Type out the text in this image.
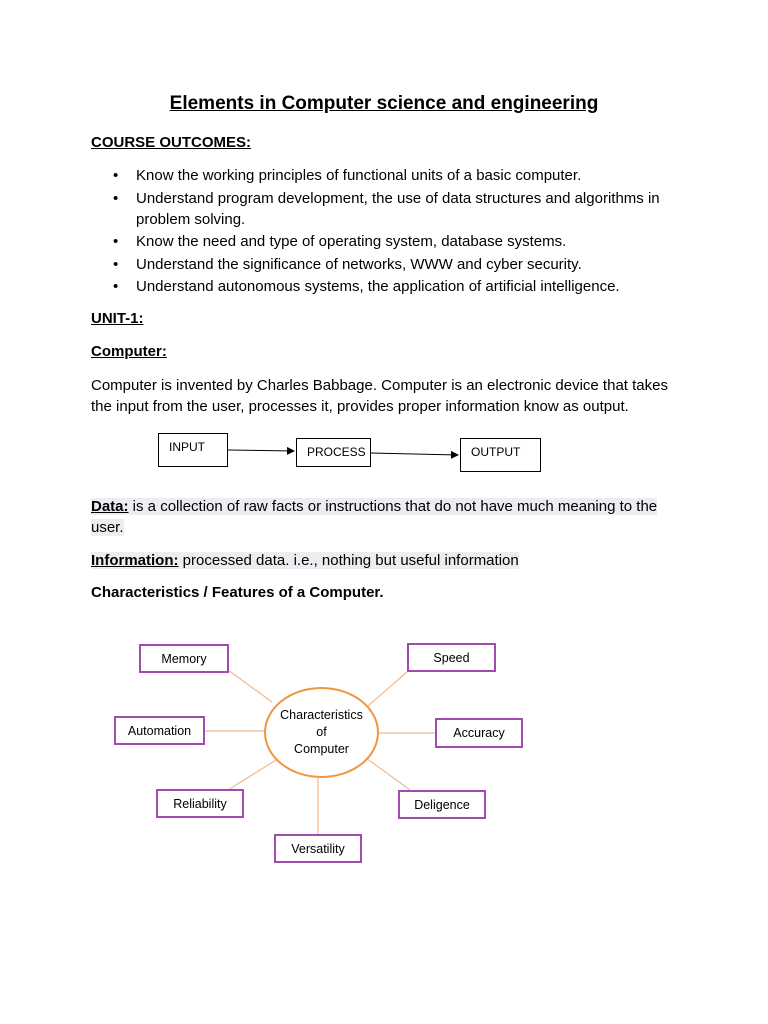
Elements in Computer science and engineering
COURSE OUTCOMES:
• Know the working principles of functional units of a basic computer.
• Understand program development, the use of data structures and algorithms in problem solving.
• Know the need and type of operating system, database systems.
• Understand the significance of networks, WWW and cyber security.
• Understand autonomous systems, the application of artificial intelligence.
UNIT-1:
Computer:
Computer is invented by Charles Babbage. Computer is an electronic device that takes the input from the user, processes it, provides proper information know as output.
INPUT	PROCESS	OUTPUT
Data: is a collection of raw facts or instructions that do not have much meaning to the user.
Information: processed data. i.e., nothing but useful information
Characteristics / Features of a Computer.
Characteristics
of
Computer
Memory	Speed
Automation	Accuracy
Reliability	Deligence
Versatility
